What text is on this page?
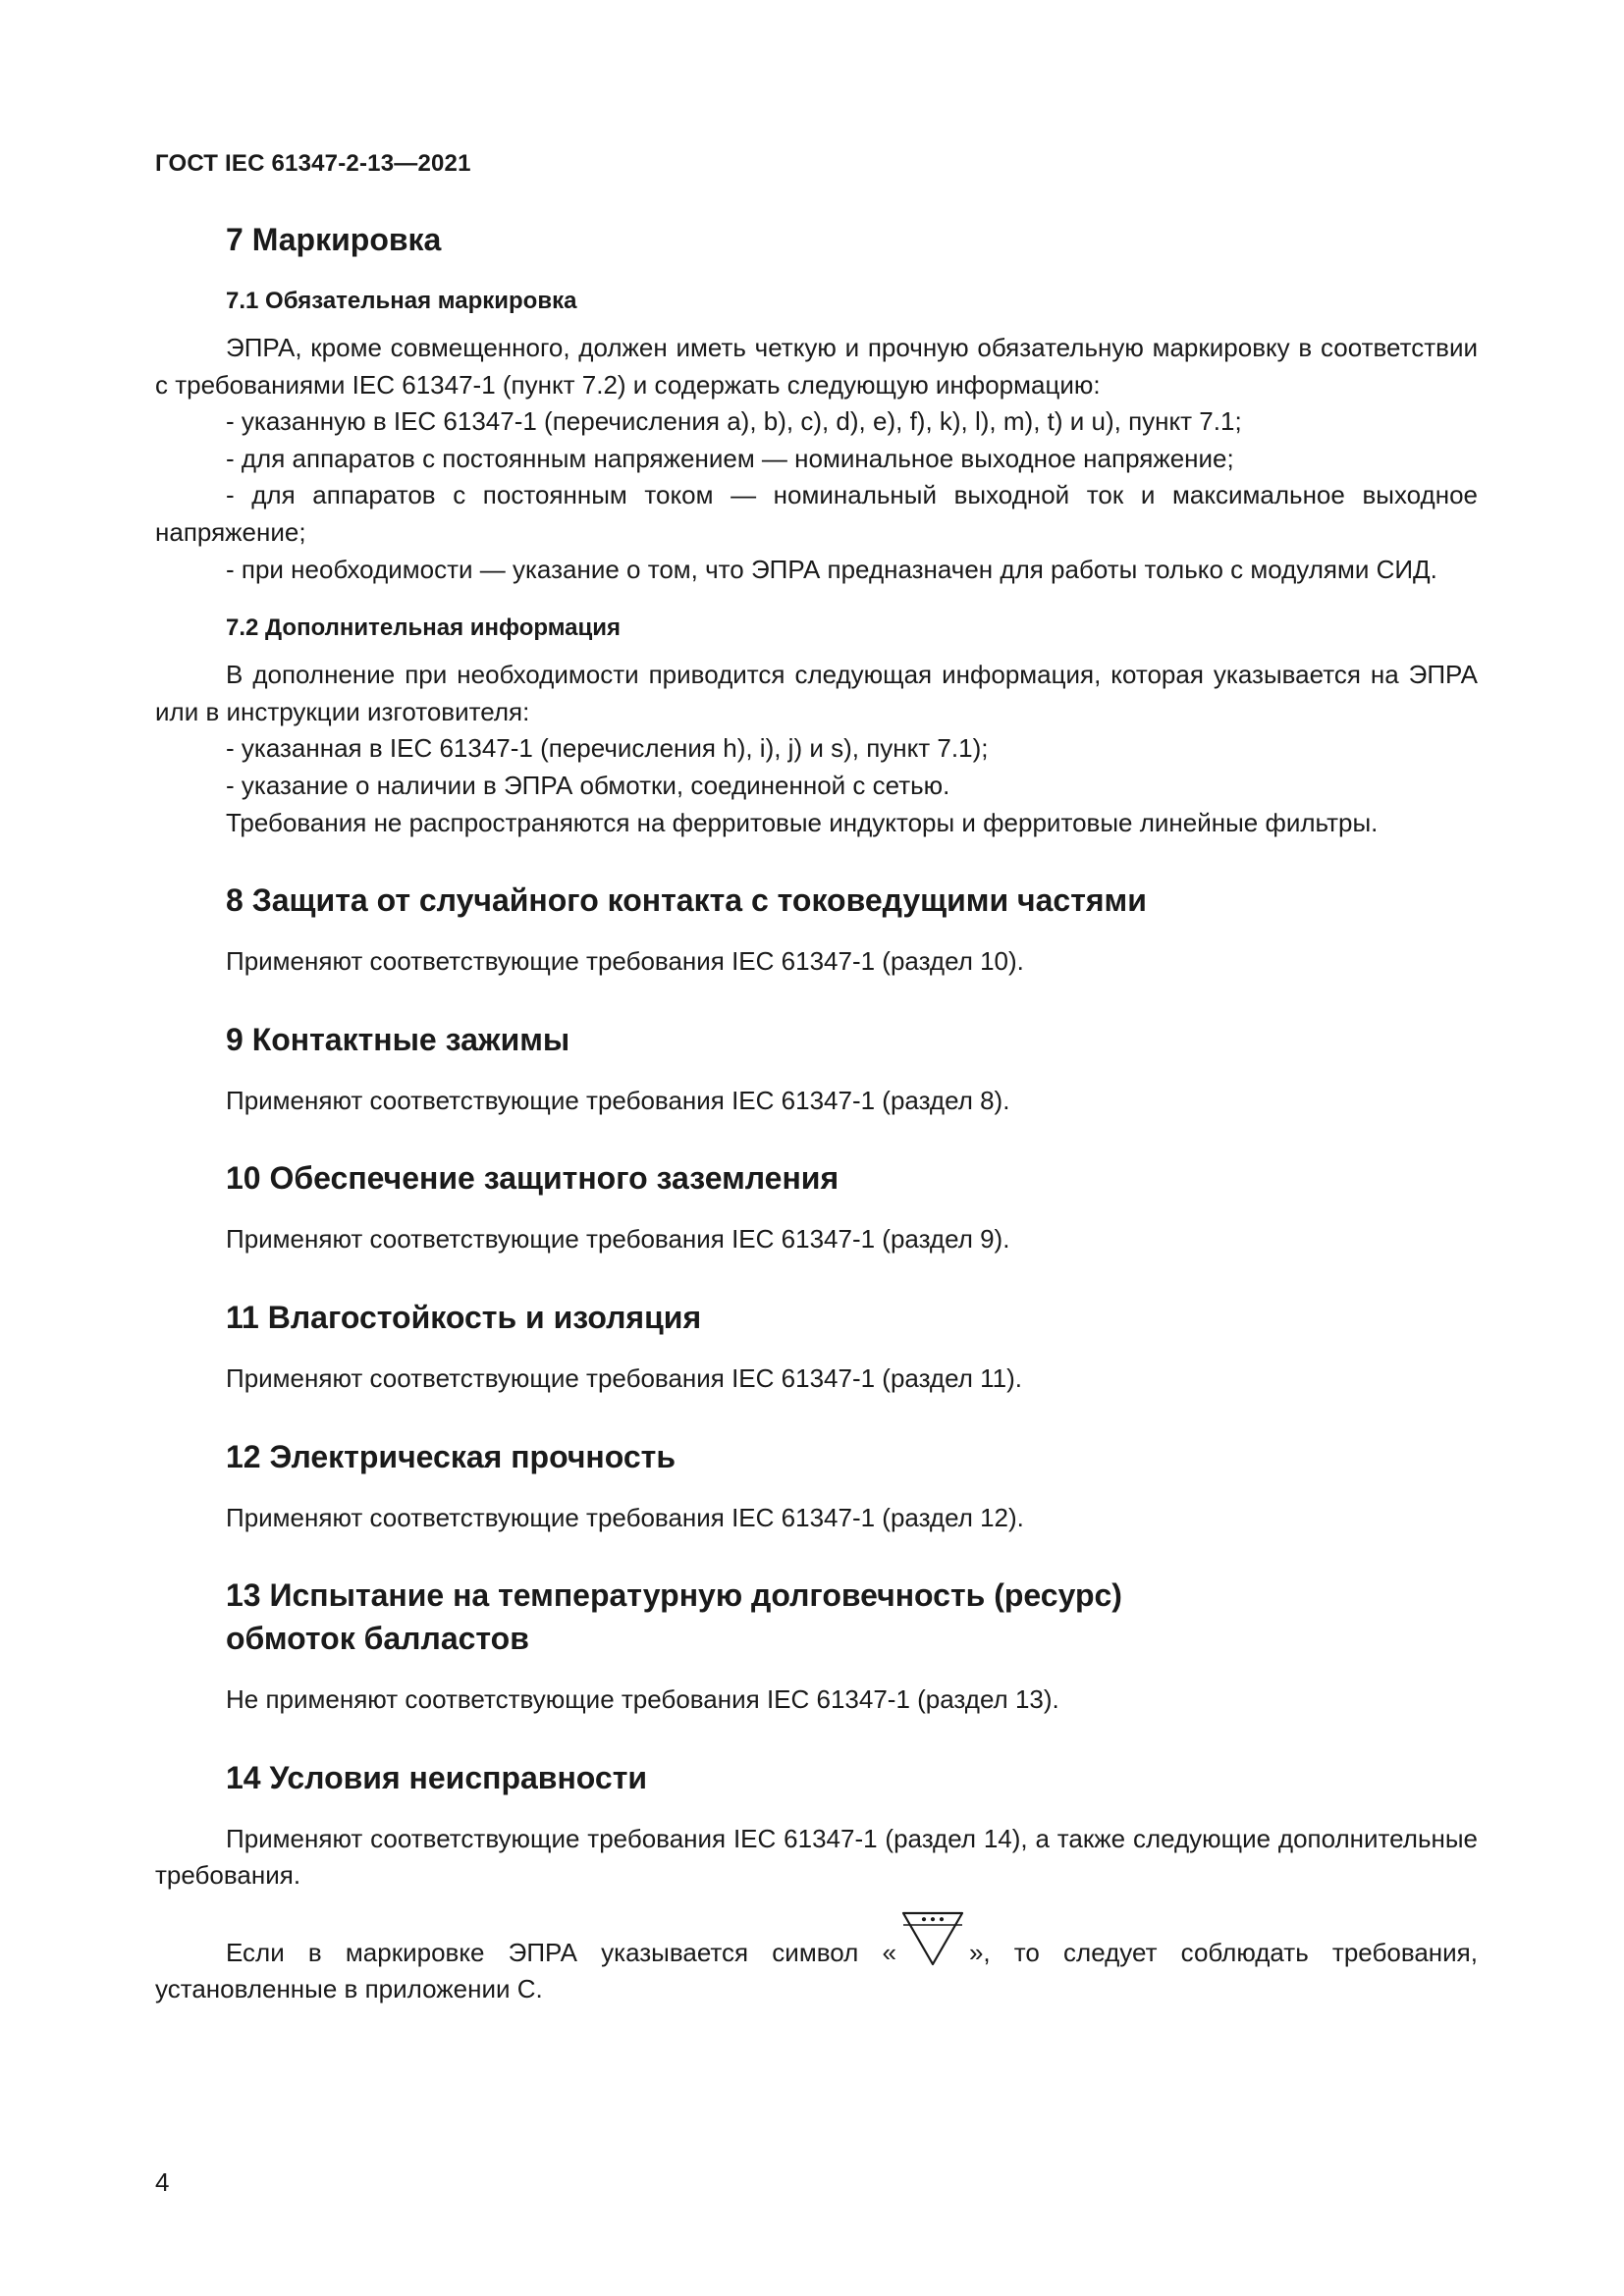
ГОСТ IEC 61347-2-13—2021
7 Маркировка
7.1 Обязательная маркировка

ЭПРА, кроме совмещенного, должен иметь четкую и прочную обязательную маркировку в соответствии с требованиями IEC 61347-1 (пункт 7.2) и содержать следующую информацию:

- указанную в IEC 61347-1 (перечисления а), b), c), d), e), f), k), l), m), t) и u), пункт 7.1;

- для аппаратов с постоянным напряжением — номинальное выходное напряжение;

- для аппаратов с постоянным током — номинальный выходной ток и максимальное выходное напряжение;

- при необходимости — указание о том, что ЭПРА предназначен для работы только с модулями СИД.

7.2 Дополнительная информация

В дополнение при необходимости приводится следующая информация, которая указывается на ЭПРА или в инструкции изготовителя:

- указанная в IEC 61347-1 (перечисления h), i), j) и s), пункт 7.1);

- указание о наличии в ЭПРА обмотки, соединенной с сетью.

Требования не распространяются на ферритовые индукторы и ферритовые линейные фильтры.

8 Защита от случайного контакта с токоведущими частями

Применяют соответствующие требования IEC 61347-1 (раздел 10).

9 Контактные зажимы

Применяют соответствующие требования IEC 61347-1 (раздел 8).

10 Обеспечение защитного заземления

Применяют соответствующие требования IEC 61347-1 (раздел 9).

11 Влагостойкость и изоляция

Применяют соответствующие требования IEC 61347-1 (раздел 11).

12 Электрическая прочность

Применяют соответствующие требования IEC 61347-1 (раздел 12).

13 Испытание на температурную долговечность (ресурс)
обмоток балластов

Не применяют соответствующие требования IEC 61347-1 (раздел 13).

14 Условия неисправности

Применяют соответствующие требования IEC 61347-1 (раздел 14), а также следующие дополнительные требования.

Если в маркировке ЭПРА указывается символ «	», то следует соблюдать требования, установленные в приложении С.

4
